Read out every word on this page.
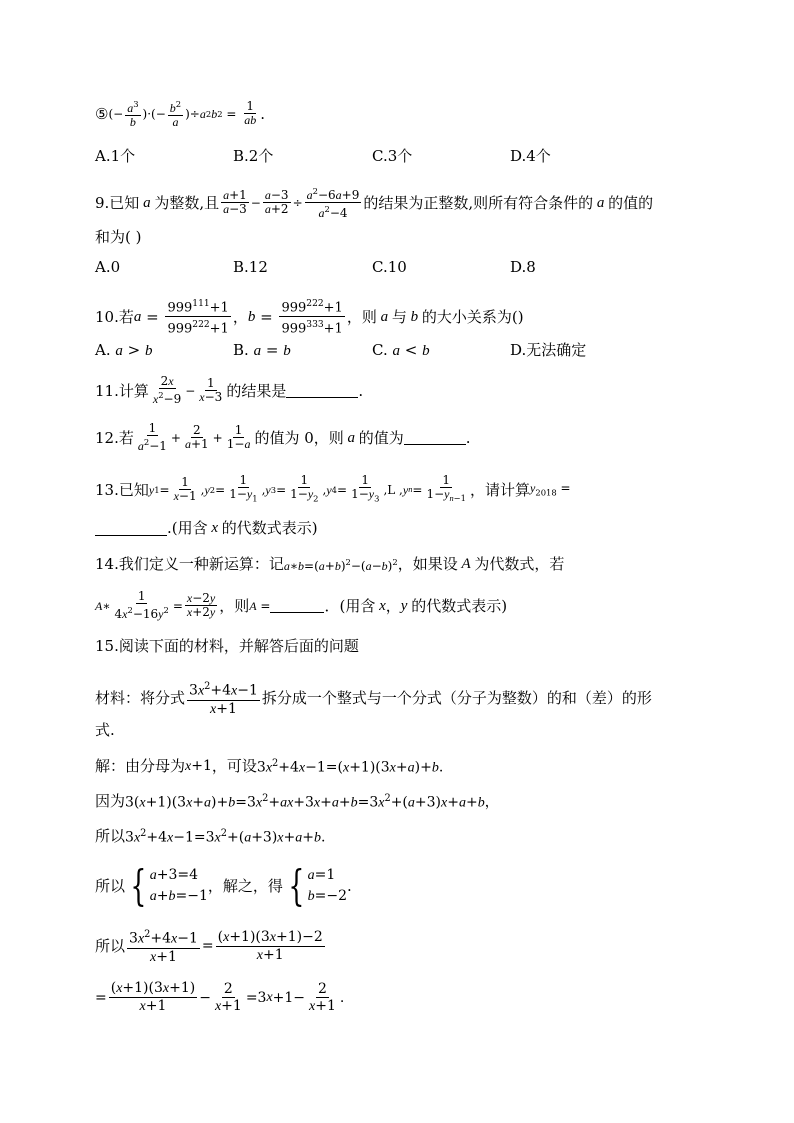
⑤ (− $\frac{a^3}{b}$ )·(− $\frac{b^2}{a}$ )÷ a 2 b $2 = \frac{1}{ab}$ .
A.1个	B.2个	C.3个	D.4个
9.已知 a 为整数,且 $\frac{a+1}{a-3} - \frac{a-3}{a+2} \div \frac{a^2-6a+9}{a^2-4}$ 的结果为正整数,则所有符合条件的 a 的值的
和为( )
A.0	B.12	C.10	D.8
10.若 $a = \frac{999^{111}+1}{999^{222}+1}$ ， $b = \frac{999^{222}+1}{999^{333}+1}$ ，则 a 与 b 的大小关系为()
A. a > b	B. a = b	C. a < b	D.无法确定
11.计算 $\frac{2x}{x^2-9} - \frac{1}{x-3}$ 的结果是	.
12.若 $\frac{1}{a^2-1} + \frac{2}{a+1} + \frac{1}{1-a}$ 的值为 0，则 a 的值为	.
13.已知 y $1 = \frac{1}{x-1}$ , y $2 = \frac{1}{1-y_1}$ , y $3 = \frac{1}{1-y_2}$ , y $4 = \frac{1}{1-y_3} ,L$ , y $n = \frac{1}{1-y_{n-1}}$ ，请计算 $y_{2018}$ =
.(用含 x 的代数式表示)
14.我们定义一种新运算：记 $a∗b=(a+b)^2-(a-b)^2$ ，如果设 A 为代数式，若
A ∗ $\frac{1}{4x^2-16y^2} = \frac{x-2y}{x+2y}$ ，则 A =	．(用含 x ， y 的代数式表示)
15.阅读下面的材料，并解答后面的问题
材料：将分式 $\frac{3x^2+4x-1}{x+1}$ 拆分成一个整式与一个分式（分子为整数）的和（差）的形
式.
解：由分母为 x+1 ，可设 $3x^2+4x-1=(x+1)(3x+a)+b$.
因为 $3(x+1)(3x+a)+b=3x^2+ax+3x+a+b=3x^2+(a+3)x+a+b$，
所以 $3x^2+4x-1=3x^2+(a+3)x+a+b$.
所以 { a+3=4
a+b=−1
，解之，得 { a=1
b=−2
.
所以 $\frac{3x^2+4x-1}{x+1} = \frac{(x+1)(3x+1)-2}{x+1}$
= $\frac{(x+1)(3x+1)}{x+1} - \frac{2}{x+1} =3$ $x +1- \frac{2}{x+1}$ .
